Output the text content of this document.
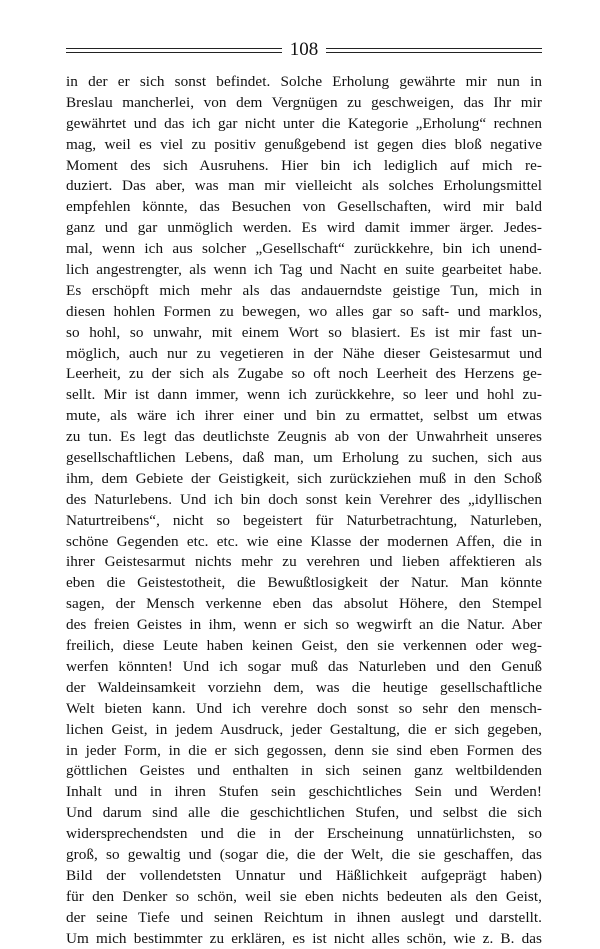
108
in der er sich sonst befindet. Solche Erholung gewährte mir nun in
Breslau mancherlei, von dem Vergnügen zu geschweigen, das Ihr mir
gewährtet und das ich gar nicht unter die Kategorie „Erholung“ rechnen
mag, weil es viel zu positiv genußgebend ist gegen dies bloß negative
Moment des sich Ausruhens. Hier bin ich lediglich auf mich re-
duziert. Das aber, was man mir vielleicht als solches Erholungsmittel
empfehlen könnte, das Besuchen von Gesellschaften, wird mir bald
ganz und gar unmöglich werden. Es wird damit immer ärger. Jedes-
mal, wenn ich aus solcher „Gesellschaft“ zurückkehre, bin ich unend-
lich angestrengter, als wenn ich Tag und Nacht en suite gearbeitet habe.
Es erschöpft mich mehr als das andauerndste geistige Tun, mich in
diesen hohlen Formen zu bewegen, wo alles gar so saft- und marklos,
so hohl, so unwahr, mit einem Wort so blasiert. Es ist mir fast un-
möglich, auch nur zu vegetieren in der Nähe dieser Geistesarmut und
Leerheit, zu der sich als Zugabe so oft noch Leerheit des Herzens ge-
sellt. Mir ist dann immer, wenn ich zurückkehre, so leer und hohl zu-
mute, als wäre ich ihrer einer und bin zu ermattet, selbst um etwas
zu tun. Es legt das deutlichste Zeugnis ab von der Unwahrheit unseres
gesellschaftlichen Lebens, daß man, um Erholung zu suchen, sich aus
ihm, dem Gebiete der Geistigkeit, sich zurückziehen muß in den Schoß
des Naturlebens. Und ich bin doch sonst kein Verehrer des „idyllischen
Naturtreibens“, nicht so begeistert für Naturbetrachtung, Naturleben,
schöne Gegenden etc. etc. wie eine Klasse der modernen Affen, die in
ihrer Geistesarmut nichts mehr zu verehren und lieben affektieren als
eben die Geistestotheit, die Bewußtlosigkeit der Natur. Man könnte
sagen, der Mensch verkenne eben das absolut Höhere, den Stempel
des freien Geistes in ihm, wenn er sich so wegwirft an die Natur. Aber
freilich, diese Leute haben keinen Geist, den sie verkennen oder weg-
werfen könnten! Und ich sogar muß das Naturleben und den Genuß
der Waldeinsamkeit vorziehn dem, was die heutige gesellschaftliche
Welt bieten kann. Und ich verehre doch sonst so sehr den mensch-
lichen Geist, in jedem Ausdruck, jeder Gestaltung, die er sich gegeben,
in jeder Form, in die er sich gegossen, denn sie sind eben Formen des
göttlichen Geistes und enthalten in sich seinen ganz weltbildenden
Inhalt und in ihren Stufen sein geschichtliches Sein und Werden!
Und darum sind alle die geschichtlichen Stufen, und selbst die sich
widersprechendsten und die in der Erscheinung unnatürlichsten, so
groß, so gewaltig und (sogar die, die der Welt, die sie geschaffen, das
Bild der vollendetsten Unnatur und Häßlichkeit aufgeprägt haben)
für den Denker so schön, weil sie eben nichts bedeuten als den Geist,
der seine Tiefe und seinen Reichtum in ihnen auslegt und darstellt.
Um mich bestimmter zu erklären, es ist nicht alles schön, wie z. B. das
